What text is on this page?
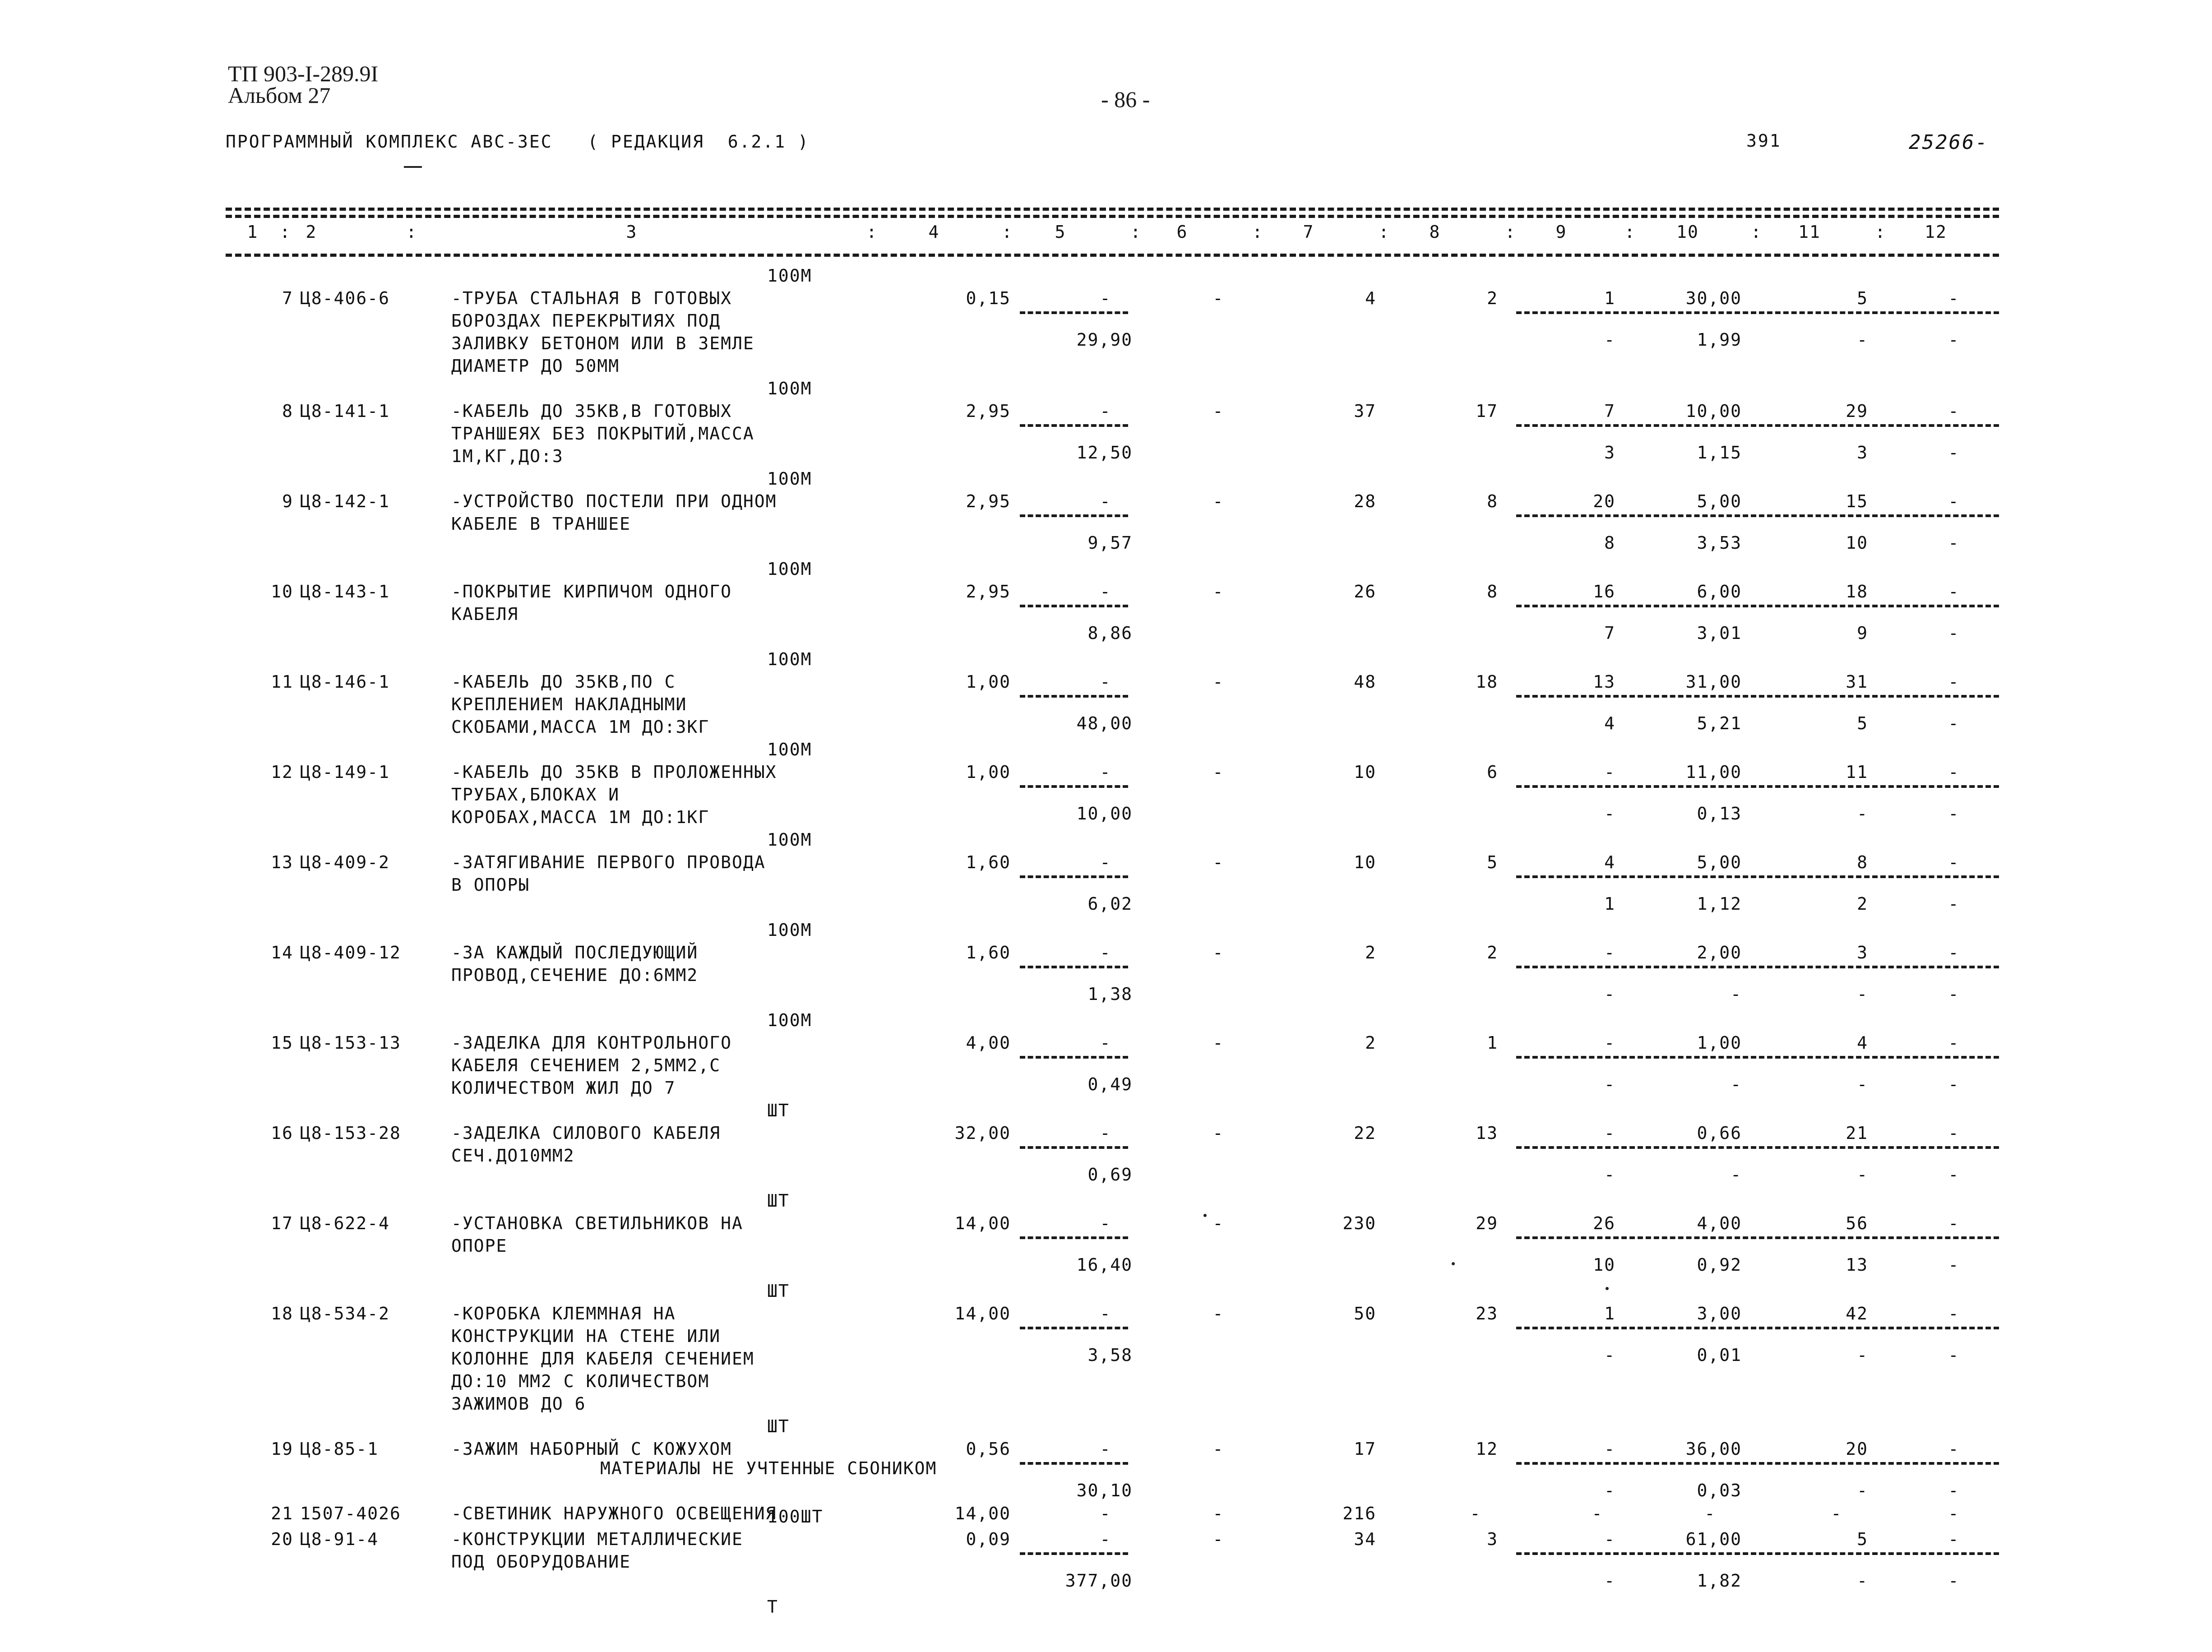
ТП 903-I-289.9I
Альбом 27	- 86 -
ПРОГРАММНЫЙ КОМПЛЕКС АВС-ЗЕС   ( РЕДАКЦИЯ  6.2.1 )	391	25266-
1	2	3	4	5	6	7	8	9	10	11	12
:	:	:	:	:	:	:	:	:	:	:
100М
7 Ц8-406-6	-ТРУБА СТАЛЬНАЯ В ГОТОВЫХ
БОРОЗДАХ ПЕРЕКРЫТИЯХ ПОД
ЗАЛИВКУ БЕТОНОМ ИЛИ В ЗЕМЛЕ
ДИАМЕТР ДО 50ММ
0,15	-	-	4	2	1	30,00	5	-
29,90	-	1,99	-	-
100М
8 Ц8-141-1	-КАБЕЛЬ ДО 35КВ,В ГОТОВЫХ
ТРАНШЕЯХ БЕЗ ПОКРЫТИЙ,МАССА
1М,КГ,ДО:3
2,95	-	-	37	17	7	10,00	29	-
12,50	3	1,15	3	-
100М
9 Ц8-142-1	-УСТРОЙСТВО ПОСТЕЛИ ПРИ ОДНОМ
КАБЕЛЕ В ТРАНШЕЕ
2,95	-	-	28	8	20	5,00	15	-
9,57	8	3,53	10	-
100М
10 Ц8-143-1	-ПОКРЫТИЕ КИРПИЧОМ ОДНОГО
КАБЕЛЯ
2,95	-	-	26	8	16	6,00	18	-
8,86	7	3,01	9	-
100М
11 Ц8-146-1	-КАБЕЛЬ ДО 35КВ,ПО С
КРЕПЛЕНИЕМ НАКЛАДНЫМИ
СКОБАМИ,МАССА 1М ДО:3КГ
1,00	-	-	48	18	13	31,00	31	-
48,00	4	5,21	5	-
100М
12 Ц8-149-1	-КАБЕЛЬ ДО 35КВ В ПРОЛОЖЕННЫХ
ТРУБАХ,БЛОКАХ И
КОРОБАХ,МАССА 1М ДО:1КГ
1,00	-	-	10	6	-	11,00	11	-
10,00	-	0,13	-	-
100М
13 Ц8-409-2	-ЗАТЯГИВАНИЕ ПЕРВОГО ПРОВОДА
В ОПОРЫ
1,60	-	-	10	5	4	5,00	8	-
6,02	1	1,12	2	-
100М
14 Ц8-409-12	-ЗА КАЖДЫЙ ПОСЛЕДУЮЩИЙ
ПРОВОД,СЕЧЕНИЕ ДО:6ММ2
1,60	-	-	2	2	-	2,00	3	-
1,38	-	-	-	-
100М
15 Ц8-153-13	-ЗАДЕЛКА ДЛЯ КОНТРОЛЬНОГО
КАБЕЛЯ СЕЧЕНИЕМ 2,5ММ2,С
КОЛИЧЕСТВОМ ЖИЛ ДО 7
4,00	-	-	2	1	-	1,00	4	-
0,49	-	-	-	-
ШТ
16 Ц8-153-28	-ЗАДЕЛКА СИЛОВОГО КАБЕЛЯ
СЕЧ.ДО10ММ2
32,00	-	-	22	13	-	0,66	21	-
0,69	-	-	-	-
ШТ
17 Ц8-622-4	-УСТАНОВКА СВЕТИЛЬНИКОВ НА
ОПОРЕ
14,00	-	-	230	29	26	4,00	56	-
16,40	10	0,92	13	-
ШТ
18 Ц8-534-2	-КОРОБКА КЛЕММНАЯ НА
КОНСТРУКЦИИ НА СТЕНЕ ИЛИ
КОЛОННЕ ДЛЯ КАБЕЛЯ СЕЧЕНИЕМ
ДО:10 ММ2 С КОЛИЧЕСТВОМ
ЗАЖИМОВ ДО 6
14,00	-	-	50	23	1	3,00	42	-
3,58	-	0,01	-	-
ШТ
19 Ц8-85-1	-ЗАЖИМ НАБОРНЫЙ С КОЖУХОМ	0,56	-	-	17	12	-	36,00	20	-
30,10	-	0,03	-	-
100ШТ
20 Ц8-91-4	-КОНСТРУКЦИИ МЕТАЛЛИЧЕСКИЕ
ПОД ОБОРУДОВАНИЕ
0,09	-	-	34	3	-	61,00	5	-
377,00	-	1,82	-	-
Т
МАТЕРИАЛЫ НЕ УЧТЕННЫЕ СБОНИКОМ
21 1507-4026	-СВЕТИНИК НАРУЖНОГО ОСВЕЩЕНИЯ	14,00	-	-	216	-	-	-	-	-
